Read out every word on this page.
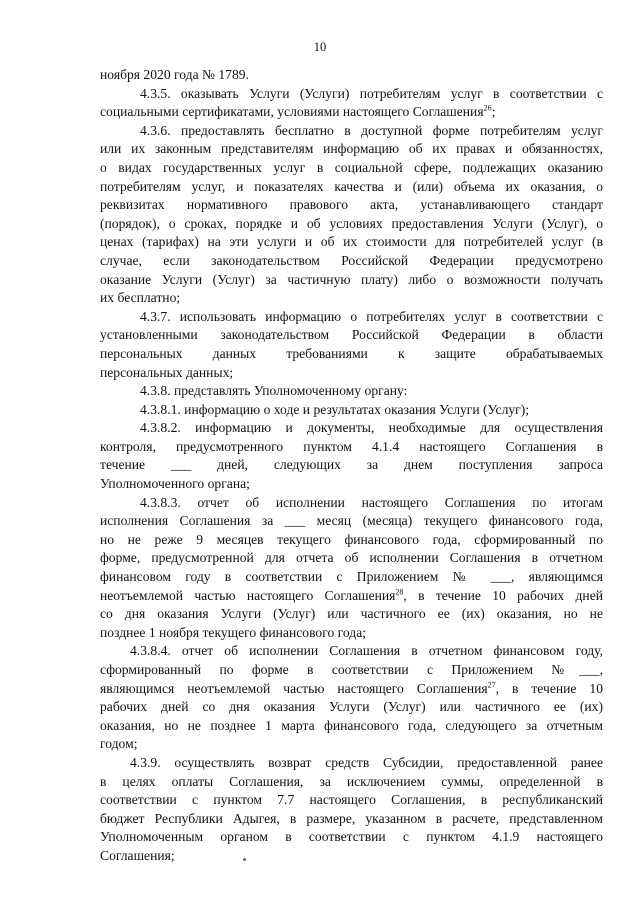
10
ноября 2020 года № 1789.
4.3.5. оказывать Услуги (Услуги) потребителям услуг в соответствии с
социальными сертификатами, условиями настоящего Соглашения$^{26}$;
4.3.6. предоставлять бесплатно в доступной форме потребителям услуг
или их законным представителям информацию об их правах и обязанностях,
о видах государственных услуг в социальной сфере, подлежащих оказанию
потребителям услуг, и показателях качества и (или) объема их оказания, о
реквизитах нормативного правового акта, устанавливающего стандарт
(порядок), о сроках, порядке и об условиях предоставления Услуги (Услуг), о
ценах (тарифах) на эти услуги и об их стоимости для потребителей услуг (в
случае, если законодательством Российской Федерации предусмотрено
оказание Услуги (Услуг) за частичную плату) либо о возможности получать
их бесплатно;
4.3.7. использовать информацию о потребителях услуг в соответствии с
установленными законодательством Российской Федерации в области
персональных данных требованиями к защите обрабатываемых
персональных данных;
4.3.8. представлять Уполномоченному органу:
4.3.8.1. информацию о ходе и результатах оказания Услуги (Услуг);
4.3.8.2. информацию и документы, необходимые для осуществления
контроля, предусмотренного пунктом 4.1.4 настоящего Соглашения в
течение ___ дней, следующих за днем поступления запроса
Уполномоченного органа;
4.3.8.3. отчет об исполнении настоящего Соглашения по итогам
исполнения Соглашения за ___ месяц (месяца) текущего финансового года,
но не реже 9 месяцев текущего финансового года, сформированный по
форме, предусмотренной для отчета об исполнении Соглашения в отчетном
финансовом году в соответствии с Приложением № ___, являющимся
неотъемлемой частью настоящего Соглашения$^{28}$, в течение 10 рабочих дней
со дня оказания Услуги (Услуг) или частичного ее (их) оказания, но не
позднее 1 ноября текущего финансового года;
4.3.8.4. отчет об исполнении Соглашения в отчетном финансовом году,
сформированный по форме в соответствии с Приложением №___,
являющимся неотъемлемой частью настоящего Соглашения$^{27}$, в течение 10
рабочих дней со дня оказания Услуги (Услуг) или частичного ее (их)
оказания, но не позднее 1 марта финансового года, следующего за отчетным
годом;
4.3.9. осуществлять возврат средств Субсидии, предоставленной ранее
в целях оплаты Соглашения, за исключением суммы, определенной в
соответствии с пунктом 7.7 настоящего Соглашения, в республиканский
бюджет Республики Адыгея, в размере, указанном в расчете, представленном
Уполномоченным органом в соответствии с пунктом 4.1.9 настоящего
Соглашения;
